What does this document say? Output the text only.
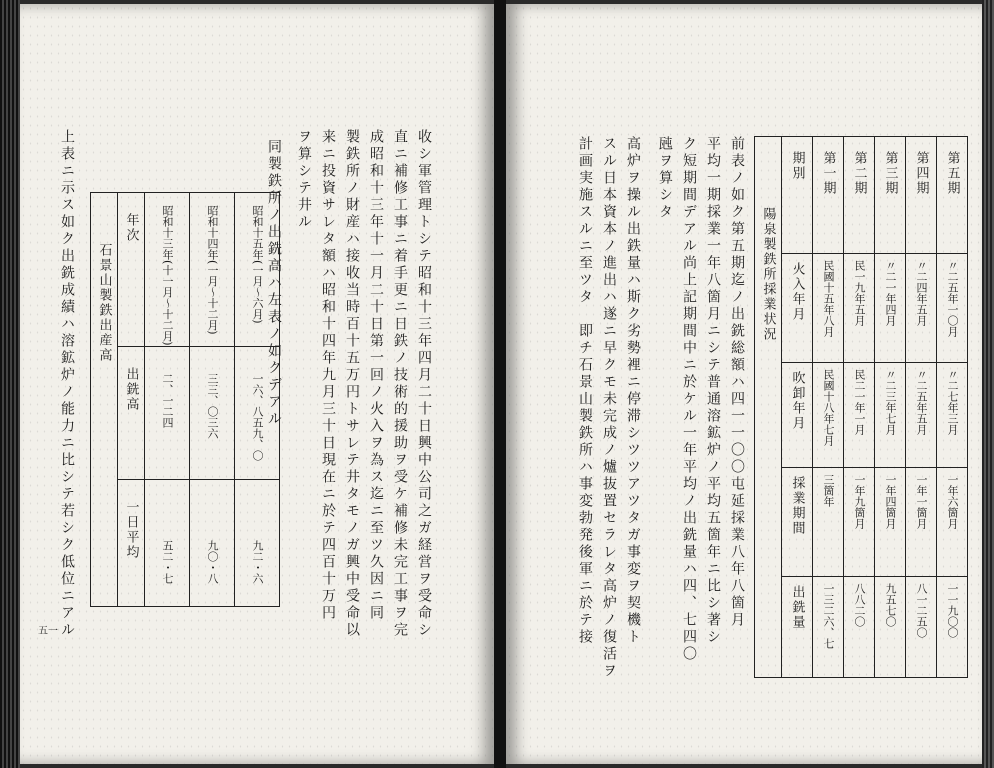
收シ軍管理トシテ昭和十三年四月二十日興中公司之ガ経営ヲ受命シ
直ニ補修工事ニ着手更ニ日鉄ノ技術的援助ヲ受ケ補修未完工事ヲ完
成昭和十三年十一月二十日第一回ノ火入ヲ為ス迄ニ至ツ久因ニ同
製鉄所ノ財産ハ接收当時百十五万円トサレテ井タモノガ興中受命以
来ニ投資サレタ額ハ昭和十四年九月三十日現在ニ於テ四百十万円
ヲ算シテ井ル
同製鉄所ノ出銑高ハ左表ノ如クデアル
石景山製鉄出産高	年次	昭和十三年(十一月〜十二月)	昭和十四年(一月〜十二月)	昭和十五年(一月〜六月)

	出銑高	二、一二四	三三、〇三六	一六、八五九、〇

	一日平均	五二・七	九〇・八	九二・六
上表ニ示ス如ク出銑成績ハ溶鉱炉ノ能力ニ比シテ若シク低位ニアル
五一
陽泉製鉄所採業状況	期別	第一期	第二期	第三期	第四期	第五期

	火入年月	民國十五年八月	民一九年五月	〃二一年四月	〃二四年五月	〃二五年一〇月

	吹卸年月	民國十八年七月	民二一年一月	〃二三年七月	〃二五年五月	〃二七年三月

	採業期間	三箇年	一年九箇月	一年四箇月	一年一箇月	一年六箇月

	出銑量	一三二六、七	八八二〇	九五七〇	八一二五〇	一一九〇〇
前表ノ如ク第五期迄ノ出銑総額ハ四一一〇〇屯延採業八年八箇月
平均一期採業一年八箇月ニシテ普通溶鉱炉ノ平均五箇年ニ比シ著シ
ク短期間デアル尚上記期間中ニ於ケル一年平均ノ出銑量ハ四、七四〇
瓲ヲ算シタ
高炉ヲ操ル出鉄量ハ斯ク劣勢裡ニ停滞シツツアツタガ事変ヲ契機ト
スル日本資本ノ進出ハ遂ニ早クモ未完成ノ爐抜置セラレタ高炉ノ復活ヲ
計画実施スルニ至ツタ　即チ石景山製鉄所ハ事変勃発後軍ニ於テ接
